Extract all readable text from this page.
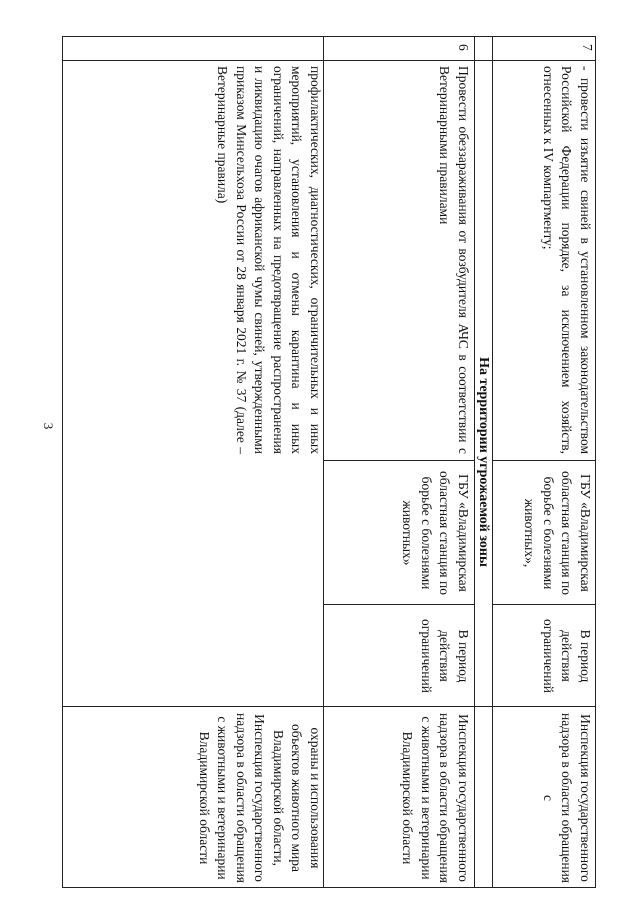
3	профилактических, диагностических, ограничительных и иных мероприятий, установления и отмены карантина и иных ограничений, направленных на предотвращение распространения и ликвидацию очагов африканской чумы свиней, утвержденными приказом Минсельхоза России от 28 января 2021 г. № 37 (далее – Ветеринарные правила)
охраны и использования объектов животного мира Владимирской области, Инспекция государственного надзора в области обращения с животными и ветеринарии Владимирской области
6
Провести обеззараживания от возбудителя АЧС в соответствии с Ветеринарными правилами
ГБУ «Владимирская областная станция по борьбе с болезнями животных»
В период действия ограничений
Инспекция государственного надзора в области обращения с животными и ветеринарии Владимирской области
На территории угрожаемой зоны
7
- провести изъятие свиней в установленном законодательством Российской Федерации порядке, за исключением хозяйств, отнесенных к IV компартменту;
ГБУ «Владимирская областная станция по борьбе с болезнями животных»,
В период действия ограничений
Инспекция государственного надзора в области обращения с
